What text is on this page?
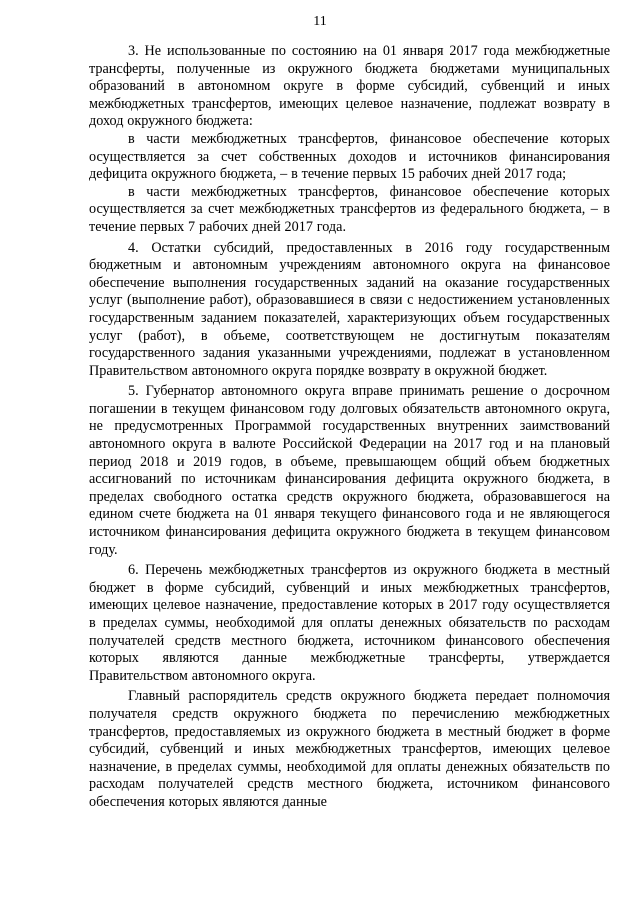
11

3. Не использованные по состоянию на 01 января 2017 года межбюджетные трансферты, полученные из окружного бюджета бюджетами муниципальных образований в автономном округе в форме субсидий, субвенций и иных межбюджетных трансфертов, имеющих целевое назначение, подлежат возврату в доход окружного бюджета:

в части межбюджетных трансфертов, финансовое обеспечение которых осуществляется за счет собственных доходов и источников финансирования дефицита окружного бюджета, – в течение первых 15 рабочих дней 2017 года;

в части межбюджетных трансфертов, финансовое обеспечение которых осуществляется за счет межбюджетных трансфертов из федерального бюджета, – в течение первых 7 рабочих дней 2017 года.

4. Остатки субсидий, предоставленных в 2016 году государственным бюджетным и автономным учреждениям автономного округа на финансовое обеспечение выполнения государственных заданий на оказание государственных услуг (выполнение работ), образовавшиеся в связи с недостижением установленных государственным заданием показателей, характеризующих объем государственных услуг (работ), в объеме, соответствующем не достигнутым показателям государственного задания указанными учреждениями, подлежат в установленном Правительством автономного округа порядке возврату в окружной бюджет.

5. Губернатор автономного округа вправе принимать решение о досрочном погашении в текущем финансовом году долговых обязательств автономного округа, не предусмотренных Программой государственных внутренних заимствований автономного округа в валюте Российской Федерации на 2017 год и на плановый период 2018 и 2019 годов, в объеме, превышающем общий объем бюджетных ассигнований по источникам финансирования дефицита окружного бюджета, в пределах свободного остатка средств окружного бюджета, образовавшегося на едином счете бюджета на 01 января текущего финансового года и не являющегося источником финансирования дефицита окружного бюджета в текущем финансовом году.

6. Перечень межбюджетных трансфертов из окружного бюджета в местный бюджет в форме субсидий, субвенций и иных межбюджетных трансфертов, имеющих целевое назначение, предоставление которых в 2017 году осуществляется в пределах суммы, необходимой для оплаты денежных обязательств по расходам получателей средств местного бюджета, источником финансового обеспечения которых являются данные межбюджетные трансферты, утверждается Правительством автономного округа.

Главный распорядитель средств окружного бюджета передает полномочия получателя средств окружного бюджета по перечислению межбюджетных трансфертов, предоставляемых из окружного бюджета в местный бюджет в форме субсидий, субвенций и иных межбюджетных трансфертов, имеющих целевое назначение, в пределах суммы, необходимой для оплаты денежных обязательств по расходам получателей средств местного бюджета, источником финансового обеспечения которых являются данные
